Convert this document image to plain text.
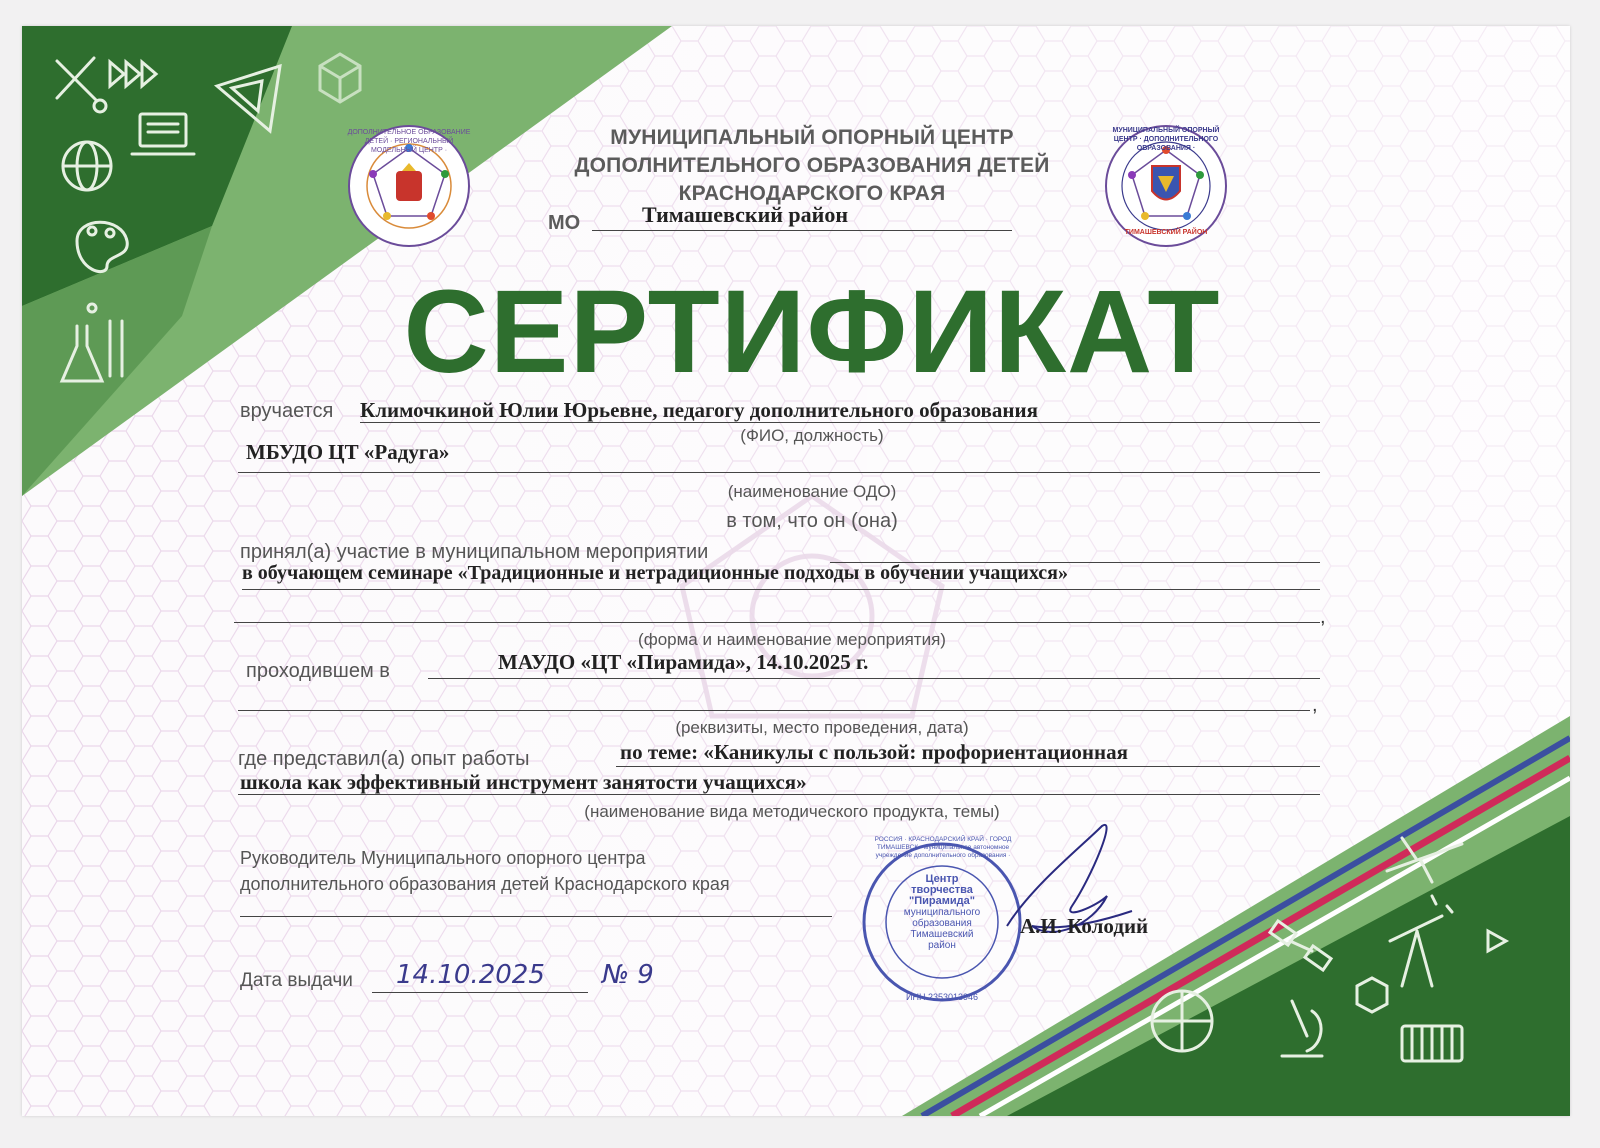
ДОПОЛНИТЕЛЬНОЕ ОБРАЗОВАНИЕ ДЕТЕЙ · РЕГИОНАЛЬНЫЙ МОДЕЛЬНЫЙ ЦЕНТР ·
МУНИЦИПАЛЬНЫЙ ОПОРНЫЙ ЦЕНТР · ДОПОЛНИТЕЛЬНОГО ОБРАЗОВАНИЯ ·
ТИМАШЕВСКИЙ РАЙОН
МУНИЦИПАЛЬНЫЙ ОПОРНЫЙ ЦЕНТР
ДОПОЛНИТЕЛЬНОГО ОБРАЗОВАНИЯ ДЕТЕЙ
КРАСНОДАРСКОГО КРАЯ
МО	Тимашевский район
СЕРТИФИКАТ
вручается Климочкиной Юлии Юрьевне, педагогу дополнительного образования
(ФИО, должность)
МБУДО ЦТ «Радуга»
(наименование ОДО)
в том, что он (она)
принял(а) участие в муниципальном мероприятии
в обучающем семинаре «Традиционные и нетрадиционные подходы в обучении учащихся»
,
(форма и наименование мероприятия)
проходившем в	МАУДО «ЦТ «Пирамида», 14.10.2025 г.
,
(реквизиты, место проведения, дата)
где представил(а) опыт работы	по теме: «Каникулы с пользой: профориентационная
школа как эффективный инструмент занятости учащихся»
(наименование вида методического продукта, темы)
Руководитель Муниципального опорного центра
дополнительного образования детей Краснодарского края
А.И. Колодий
РОССИЯ · КРАСНОДАРСКИЙ КРАЙ · ГОРОД ТИМАШЕВСК · муниципальное автономное учреждение дополнительного образования ·
Центр
творчества
"Пирамида"
муниципального
образования
Тимашевский
район
ИНН 2353013946
Дата выдачи 14.10.2025 № 9
